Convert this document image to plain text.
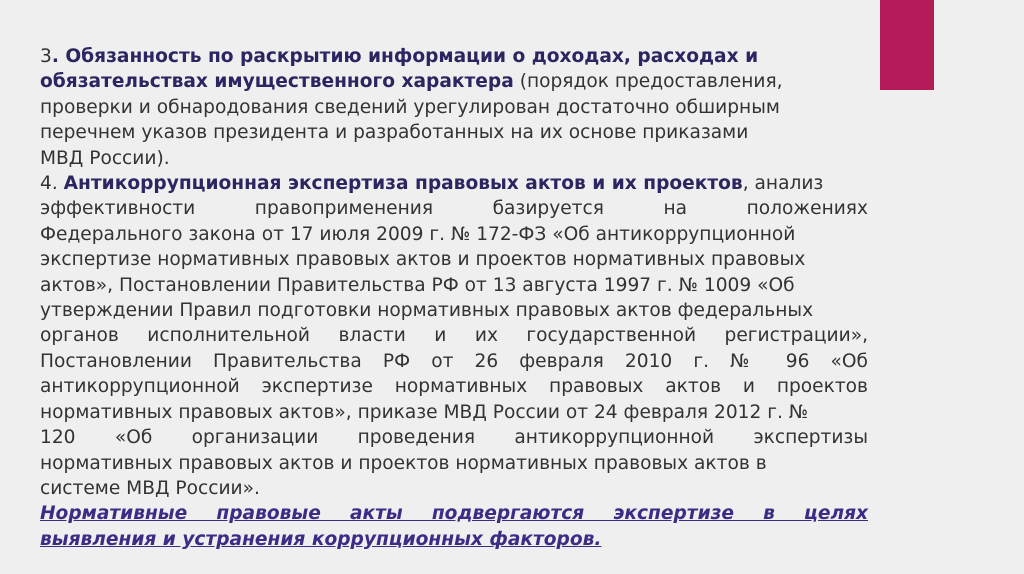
3. Обязанность по раскрытию информации о доходах, расходах и
обязательствах имущественного характера (порядок предоставления,
проверки и обнародования сведений урегулирован достаточно обширным
перечнем указов президента и разработанных на их основе приказами
МВД России).
4. Антикоррупционная экспертиза правовых актов и их проектов, анализ
эффективности правоприменения базируется на положениях
Федерального закона от 17 июля 2009 г. № 172-ФЗ «Об антикоррупционной
экспертизе нормативных правовых актов и проектов нормативных правовых
актов», Постановлении Правительства РФ от 13 августа 1997 г. № 1009 «Об
утверждении Правил подготовки нормативных правовых актов федеральных
органов исполнительной власти и их государственной регистрации»,
Постановлении Правительства РФ от 26 февраля 2010 г. № 96 «Об
антикоррупционной экспертизе нормативных правовых актов и проектов
нормативных правовых актов», приказе МВД России от 24 февраля 2012 г. №
120 «Об организации проведения антикоррупционной экспертизы
нормативных правовых актов и проектов нормативных правовых актов в
системе МВД России».
Нормативные правовые акты подвергаются экспертизе в целях
выявления и устранения коррупционных факторов.
